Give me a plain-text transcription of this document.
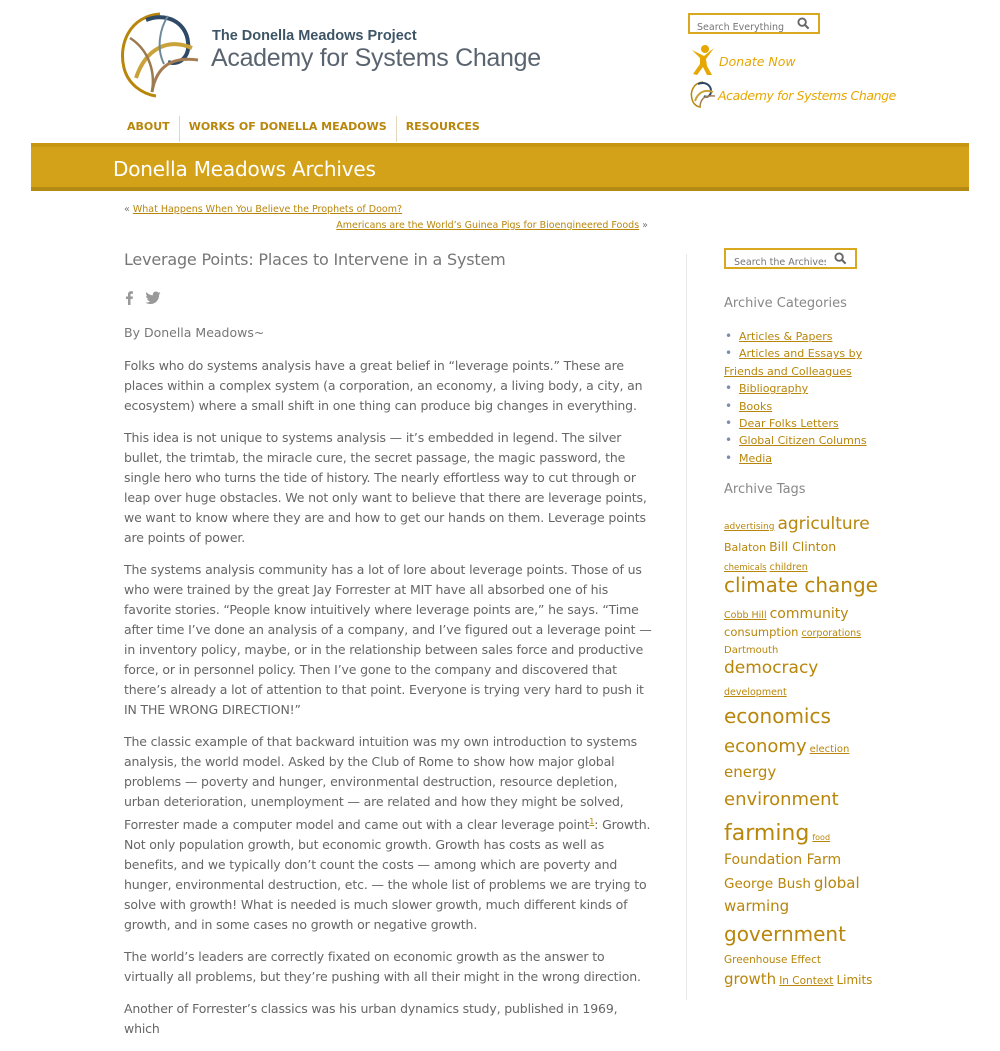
The Donella Meadows Project
Academy for Systems Change
Search Everything	Donate Now
Academy for Systems Change
ABOUT	WORKS OF DONELLA MEADOWS	RESOURCES
Donella Meadows Archives
« What Happens When You Believe the Prophets of Doom?
Americans are the World’s Guinea Pigs for Bioengineered Foods »
Leverage Points: Places to Intervene in a System

By Donella Meadows~

Folks who do systems analysis have a great belief in “leverage points.” These are places within a complex system (a corporation, an economy, a living body, a city, an ecosystem) where a small shift in one thing can produce big changes in everything.

This idea is not unique to systems analysis — it’s embedded in legend. The silver bullet, the trimtab, the miracle cure, the secret passage, the magic password, the single hero who turns the tide of history. The nearly effortless way to cut through or leap over huge obstacles. We not only want to believe that there are leverage points, we want to know where they are and how to get our hands on them. Leverage points are points of power.

The systems analysis community has a lot of lore about leverage points. Those of us who were trained by the great Jay Forrester at MIT have all absorbed one of his favorite stories. “People know intuitively where leverage points are,” he says. “Time after time I’ve done an analysis of a company, and I’ve figured out a leverage point — in inventory policy, maybe, or in the relationship between sales force and productive force, or in personnel policy. Then I’ve gone to the company and discovered that there’s already a lot of attention to that point. Everyone is trying very hard to push it IN THE WRONG DIRECTION!”

The classic example of that backward intuition was my own introduction to systems analysis, the world model. Asked by the Club of Rome to show how major global problems — poverty and hunger, environmental destruction, resource depletion, urban deterioration, unemployment — are related and how they might be solved, Forrester made a computer model and came out with a clear leverage point$^1$: Growth. Not only population growth, but economic growth. Growth has costs as well as benefits, and we typically don’t count the costs — among which are poverty and hunger, environmental destruction, etc. — the whole list of problems we are trying to solve with growth! What is needed is much slower growth, much different kinds of growth, and in some cases no growth or negative growth.

The world’s leaders are correctly fixated on economic growth as the answer to virtually all problems, but they’re pushing with all their might in the wrong direction.

Another of Forrester’s classics was his urban dynamics study, published in 1969, which

Search the Archives
Archive Categories
• Articles & Papers
• Articles and Essays by
Friends and Colleagues
• Bibliography
• Books
• Dear Folks Letters
• Global Citizen Columns
• Media
Archive Tags
advertising agriculture
Balaton Bill Clinton
chemicals children
climate change
Cobb Hill community
consumption corporations
Dartmouth
democracy
development
economics
economy election
energy
environment
farming food
Foundation Farm
George Bush global
warming
government
Greenhouse Effect
growth In Context Limits
